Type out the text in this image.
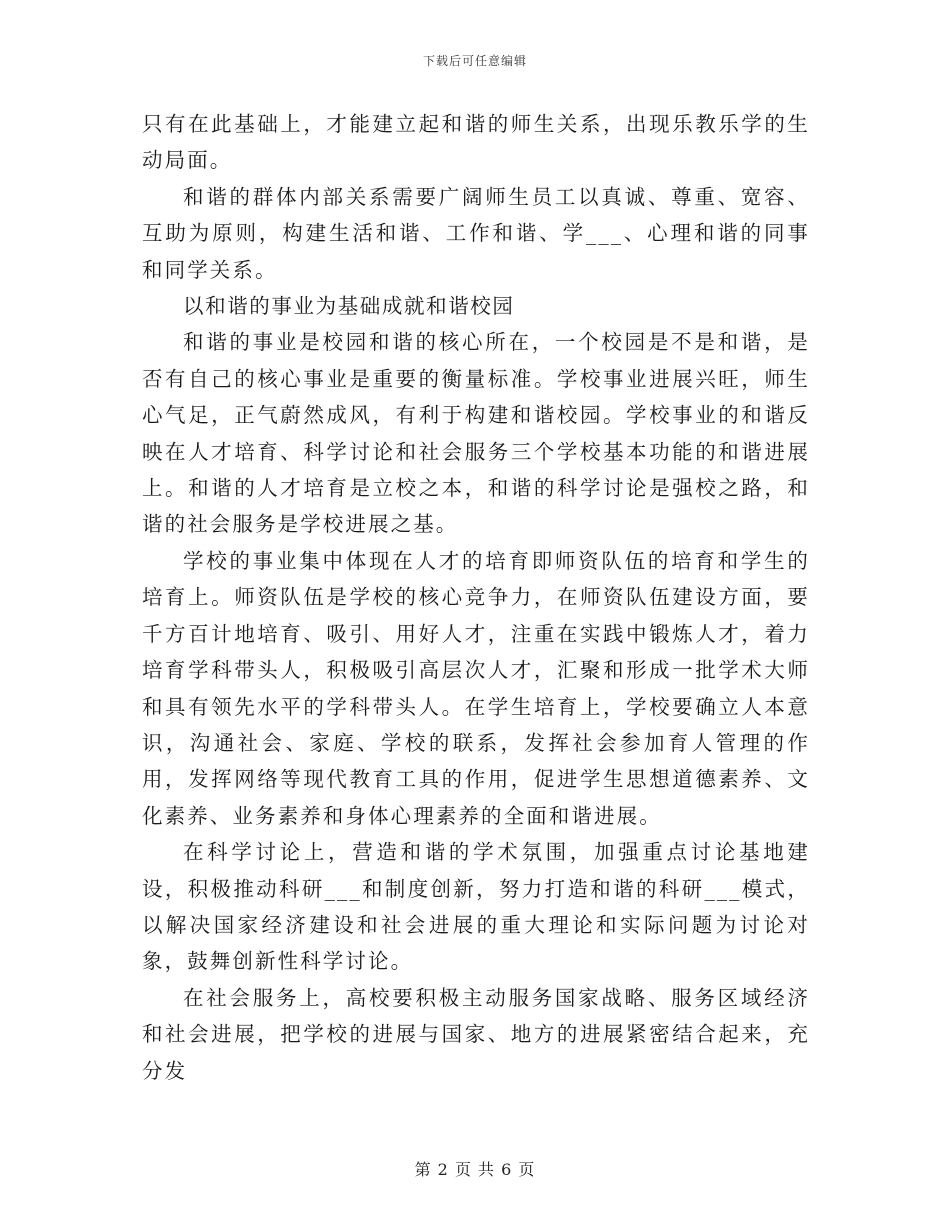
下载后可任意编辑

只有在此基础上，才能建立起和谐的师生关系，出现乐教乐学的生动局面。

和谐的群体内部关系需要广阔师生员工以真诚、尊重、宽容、互助为原则，构建生活和谐、工作和谐、学___、心理和谐的同事和同学关系。

以和谐的事业为基础成就和谐校园

和谐的事业是校园和谐的核心所在，一个校园是不是和谐，是否有自己的核心事业是重要的衡量标准。学校事业进展兴旺，师生心气足，正气蔚然成风，有利于构建和谐校园。学校事业的和谐反映在人才培育、科学讨论和社会服务三个学校基本功能的和谐进展上。和谐的人才培育是立校之本，和谐的科学讨论是强校之路，和谐的社会服务是学校进展之基。

学校的事业集中体现在人才的培育即师资队伍的培育和学生的培育上。师资队伍是学校的核心竞争力，在师资队伍建设方面，要千方百计地培育、吸引、用好人才，注重在实践中锻炼人才，着力培育学科带头人，积极吸引高层次人才，汇聚和形成一批学术大师和具有领先水平的学科带头人。在学生培育上，学校要确立人本意识，沟通社会、家庭、学校的联系，发挥社会参加育人管理的作用，发挥网络等现代教育工具的作用，促进学生思想道德素养、文化素养、业务素养和身体心理素养的全面和谐进展。

在科学讨论上，营造和谐的学术氛围，加强重点讨论基地建设，积极推动科研___和制度创新，努力打造和谐的科研___模式，以解决国家经济建设和社会进展的重大理论和实际问题为讨论对象，鼓舞创新性科学讨论。

在社会服务上，高校要积极主动服务国家战略、服务区域经济和社会进展，把学校的进展与国家、地方的进展紧密结合起来，充分发

第 2 页 共 6 页
